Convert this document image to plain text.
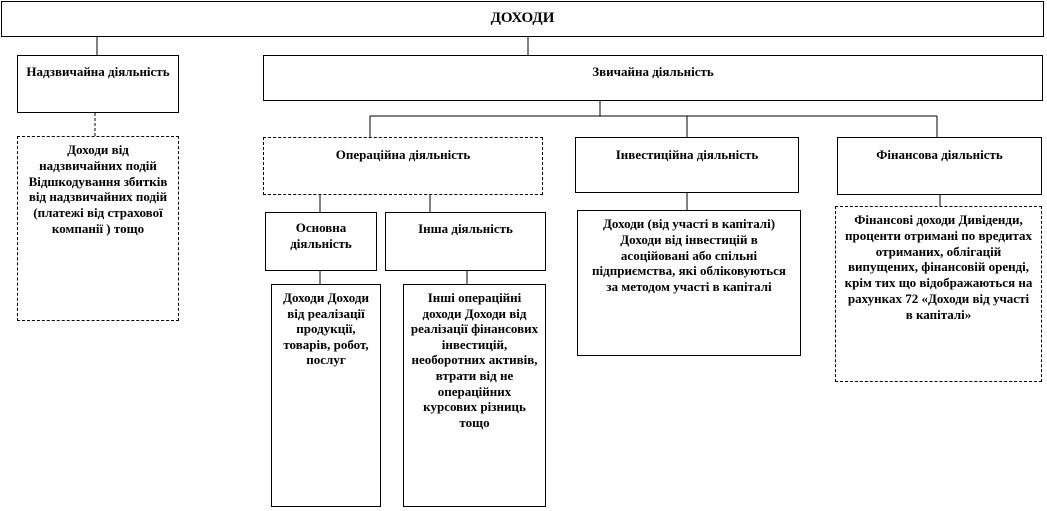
ДОХОДИ
Надзвичайна діяльність
Доходи від надзвичайних подій Відшкодування збитків від надзвичайних подій (платежі від страхової компанії ) тощо
Звичайна діяльність
Операційна діяльність	Інвестиційна діяльність	Фінансова діяльність
Основна діяльність
Інша діяльність
Доходи Доходи від реалізації продукції, товарів, робот, послуг
Інші операційні доходи Доходи від реалізації фінансових інвестицій, необоротних активів, втрати від не операційних курсових різниць тощо
Доходи (від участі в капіталі) Доходи від інвестицій в асоційовані або спільні підприємства, які обліковуються за методом участі в капіталі
Фінансові доходи Дивіденди, проценти отримані по вредитах отриманих, облігацій випущених, фінансовій оренді, крім тих що відображаються на рахунках 72 «Доходи від участі в капіталі»
